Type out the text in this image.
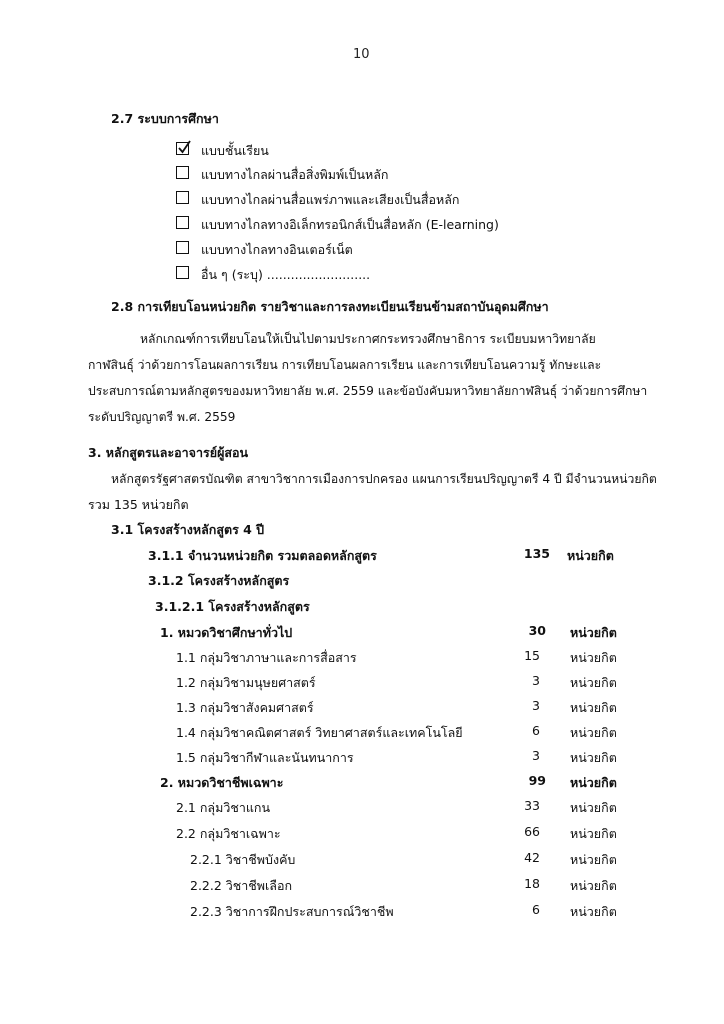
10
2.7 ระบบการศึกษา
แบบชั้นเรียน
แบบทางไกลผ่านสื่อสิ่งพิมพ์เป็นหลัก
แบบทางไกลผ่านสื่อแพร่ภาพและเสียงเป็นสื่อหลัก
แบบทางไกลทางอิเล็กทรอนิกส์เป็นสื่อหลัก (E-learning)
แบบทางไกลทางอินเตอร์เน็ต
อื่น ๆ (ระบุ) ..........................
2.8 การเทียบโอนหน่วยกิต รายวิชาและการลงทะเบียนเรียนข้ามสถาบันอุดมศึกษา
หลักเกณฑ์การเทียบโอนให้เป็นไปตามประกาศกระทรวงศึกษาธิการ ระเบียบมหาวิทยาลัย
กาฬสินธุ์ ว่าด้วยการโอนผลการเรียน การเทียบโอนผลการเรียน และการเทียบโอนความรู้ ทักษะและ
ประสบการณ์ตามหลักสูตรของมหาวิทยาลัย พ.ศ. 2559 และข้อบังคับมหาวิทยาลัยกาฬสินธุ์ ว่าด้วยการศึกษา
ระดับปริญญาตรี พ.ศ. 2559
3. หลักสูตรและอาจารย์ผู้สอน
หลักสูตรรัฐศาสตรบัณฑิต สาขาวิชาการเมืองการปกครอง แผนการเรียนปริญญาตรี 4 ปี มีจำนวนหน่วยกิต
รวม 135 หน่วยกิต
3.1 โครงสร้างหลักสูตร 4 ปี
3.1.1 จำนวนหน่วยกิต รวมตลอดหลักสูตร	135 หน่วยกิต
3.1.2 โครงสร้างหลักสูตร
3.1.2.1 โครงสร้างหลักสูตร
1. หมวดวิชาศึกษาทั่วไป	30 หน่วยกิต
1.1 กลุ่มวิชาภาษาและการสื่อสาร	15 หน่วยกิต
1.2 กลุ่มวิชามนุษยศาสตร์	3 หน่วยกิต
1.3 กลุ่มวิชาสังคมศาสตร์	3 หน่วยกิต
1.4 กลุ่มวิชาคณิตศาสตร์ วิทยาศาสตร์และเทคโนโลยี	6 หน่วยกิต
1.5 กลุ่มวิชากีฬาและนันทนาการ	3 หน่วยกิต
2. หมวดวิชาชีพเฉพาะ	99 หน่วยกิต
2.1 กลุ่มวิชาแกน	33 หน่วยกิต
2.2 กลุ่มวิชาเฉพาะ	66 หน่วยกิต
2.2.1 วิชาชีพบังคับ	42 หน่วยกิต
2.2.2 วิชาชีพเลือก	18 หน่วยกิต
2.2.3 วิชาการฝึกประสบการณ์วิชาชีพ	6 หน่วยกิต
